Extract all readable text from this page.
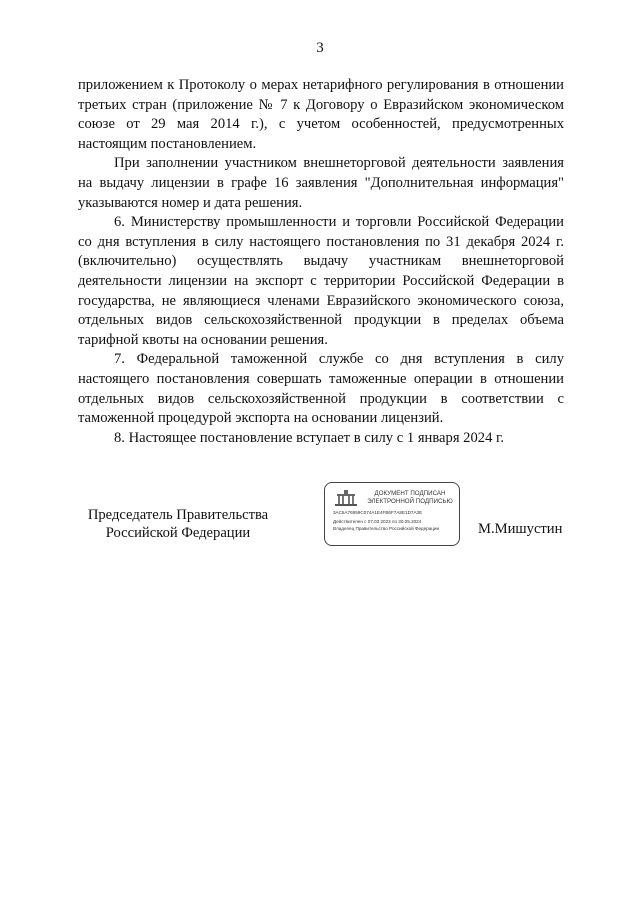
3

приложением к Протоколу о мерах нетарифного регулирования в отношении третьих стран (приложение № 7 к Договору о Евразийском экономическом союзе от 29 мая 2014 г.), с учетом особенностей, предусмотренных настоящим постановлением.

При заполнении участником внешнеторговой деятельности заявления на выдачу лицензии в графе 16 заявления "Дополнительная информация" указываются номер и дата решения.

6. Министерству промышленности и торговли Российской Федерации со дня вступления в силу настоящего постановления по 31 декабря 2024 г. (включительно) осуществлять выдачу участникам внешнеторговой деятельности лицензии на экспорт с территории Российской Федерации в государства, не являющиеся членами Евразийского экономического союза, отдельных видов сельскохозяйственной продукции в пределах объема тарифной квоты на основании решения.

7. Федеральной таможенной службе со дня вступления в силу настоящего постановления совершать таможенные операции в отношении отдельных видов сельскохозяйственной продукции в соответствии с таможенной процедурой экспорта на основании лицензий.

8. Настоящее постановление вступает в силу с 1 января 2024 г.

Председатель Правительства
Российской Федерации
ДОКУМЕНТ ПОДПИСАН
ЭЛЕКТРОННОЙ ПОДПИСЬЮ
3AC5A76959C074A1E4FB6F7A8E1D7A3E
Действителен с 07.03.2023 по 30.05.2024
Владелец Правительство Российской Федерации	М.Мишустин
